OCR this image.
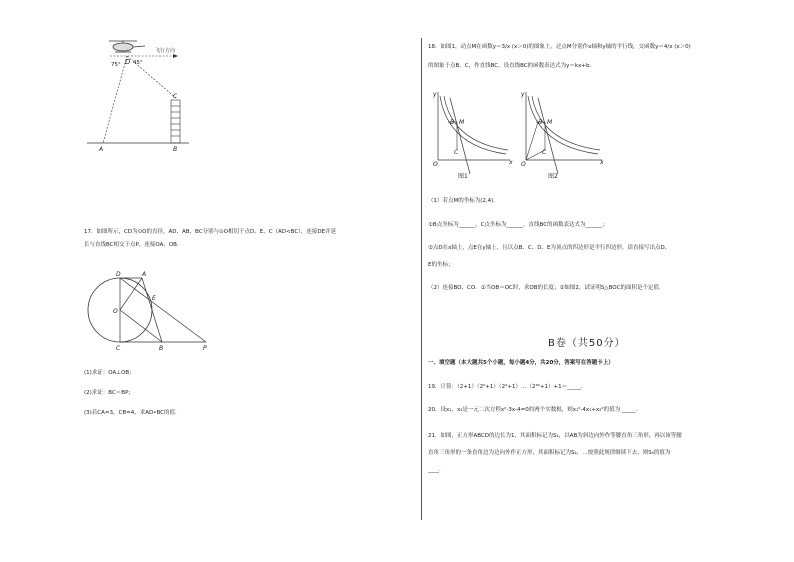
飞行方向
D
75° 45°
C
A	B
17．如图所示，CD为⊙O的直径，AD、AB、BC分别与⊙O相切于点D、E、C（AD<BC），连接DE并延
长与直线BC相交于点P，连接OA、OB．
D	A
E
O
C	B	P
(1)求证：OA⊥OB；
(2)求证：BC＝BP；
(3)若CA=3，CB=4，求AD•BC的值.
18．如图1，动点M在函数y＝3/x (x＞0)的图象上，过点M分别作x轴和y轴的平行线，交函数y＝4/x (x＞0)
的图象于点B、C，作直线BC，设直线BC的函数表达式为y＝kx+b．
y
x
O
B M
C
图1
y
x
O
B M
C
图2
（1）若点M的坐标为(2,4)．
①B点坐标为______，C点坐标为______，直线BC的函数表达式为______；
②点D在x轴上，点E在y轴上，且以点B、C、D、E为顶点的四边形是平行四边形，请直接写出点D、
E的坐标；
（2）连接BO、CO．①当OB＝OC时，求OB的长度；②如图2，试证明S△BOC的面积是个定值．
B卷（共50分）
一、填空题（本大题共5个小题，每小题4分，共20分，答案写在答题卡上）
19．计算：（2+1）（2²+1）（2⁴+1）…（2³²+1）+1＝_____．
20．设x₁，x₂是一元二次方程x²-3x-4=0的两个实数根，则x₁²-4x₁+x₂²的值为 _____．
21．如图，正方形ABCD的边长为1，其面积标记为S₁，以AB为斜边向外作等腰直角三角形，再以该等腰
直角三角形的一条直角边为边向外作正方形，其面积标记为S₂，…按照此规律继续下去，则S₅的值为
____．
